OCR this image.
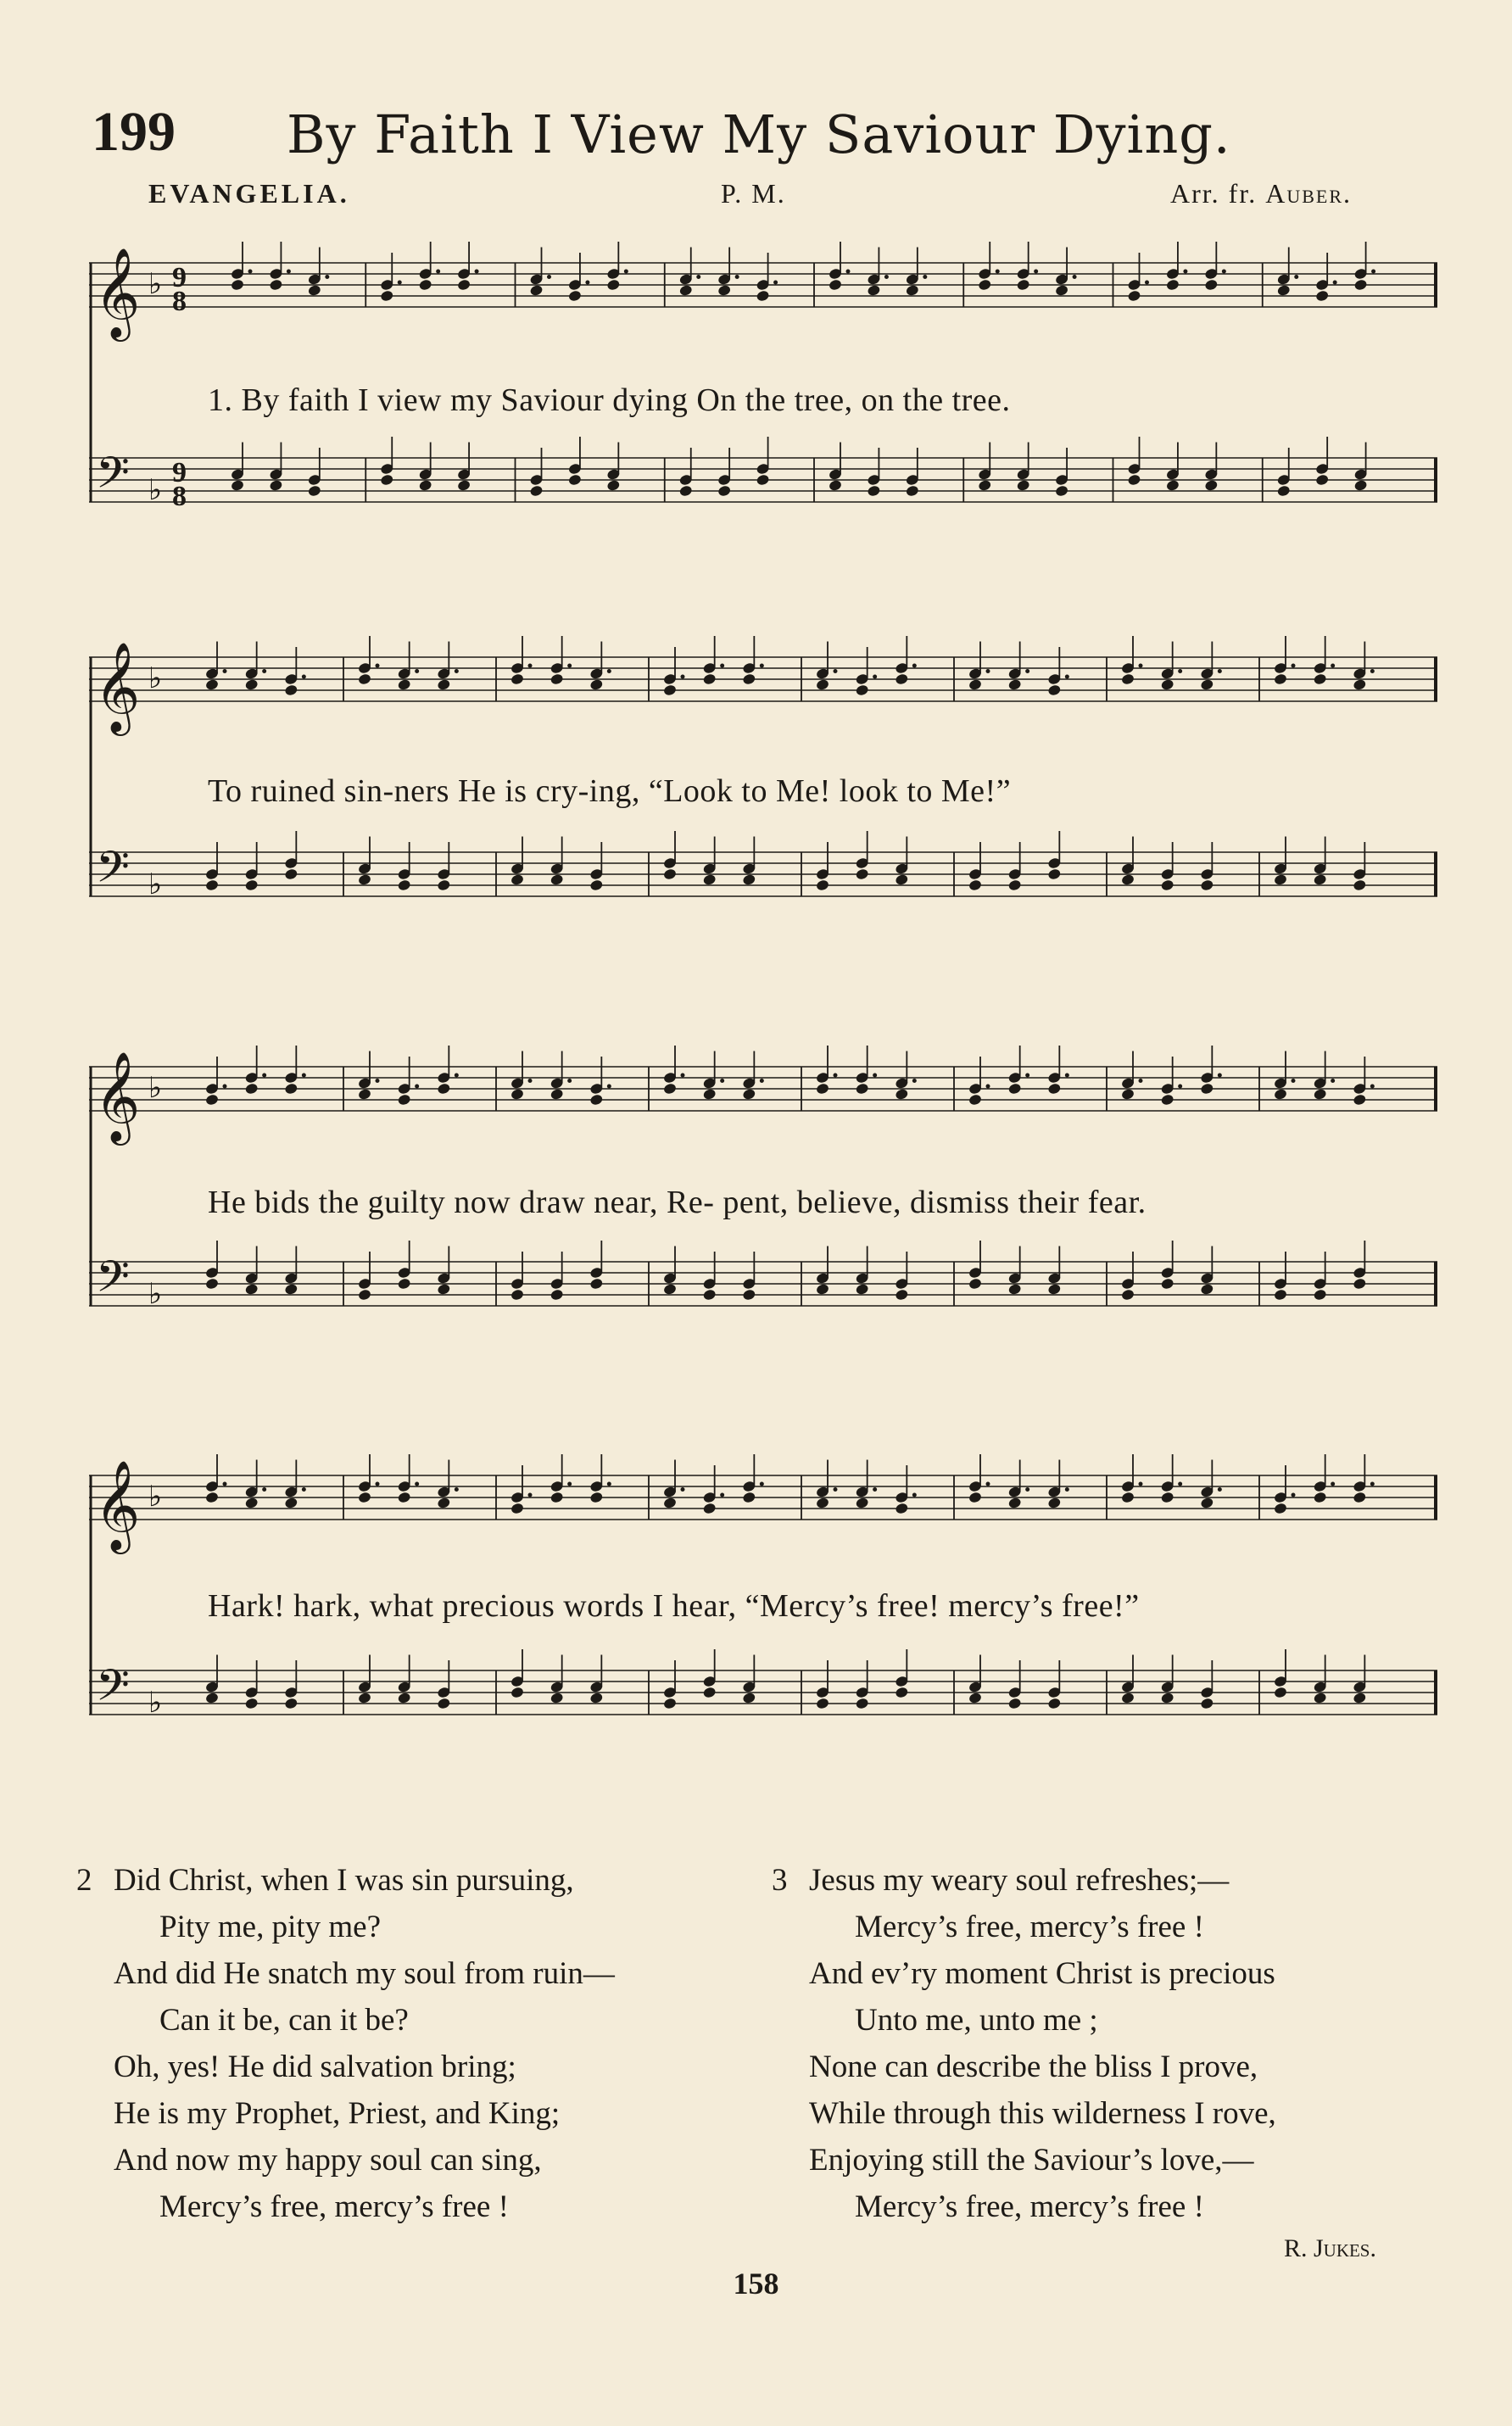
199 By Faith I View My Saviour Dying.
EVANGELIA.	P. M.	Arr. fr. Auber.
𝄞
𝄢
♭
♭
9
8
9
8
1. By faith I view my Saviour dying On the tree, on the tree.
𝄞
𝄢
♭
♭
To ruined sin-ners He is cry-ing, “Look to Me! look to Me!”
𝄞
𝄢
♭
♭
He bids the guilty now draw near, Re- pent, believe, dismiss their fear.
𝄞
𝄢
♭
♭
Hark! hark, what precious words I hear, “Mercy’s free! mercy’s free!”
2 Did Christ, when I was sin pursuing,
Pity me, pity me?
And did He snatch my soul from ruin—
Can it be, can it be?
Oh, yes! He did salvation bring;
He is my Prophet, Priest, and King;
And now my happy soul can sing,
Mercy’s free, mercy’s free !
3 Jesus my weary soul refreshes;—
Mercy’s free, mercy’s free !
And ev’ry moment Christ is precious
Unto me, unto me ;
None can describe the bliss I prove,
While through this wilderness I rove,
Enjoying still the Saviour’s love,—
Mercy’s free, mercy’s free !
R. Jukes.
158
